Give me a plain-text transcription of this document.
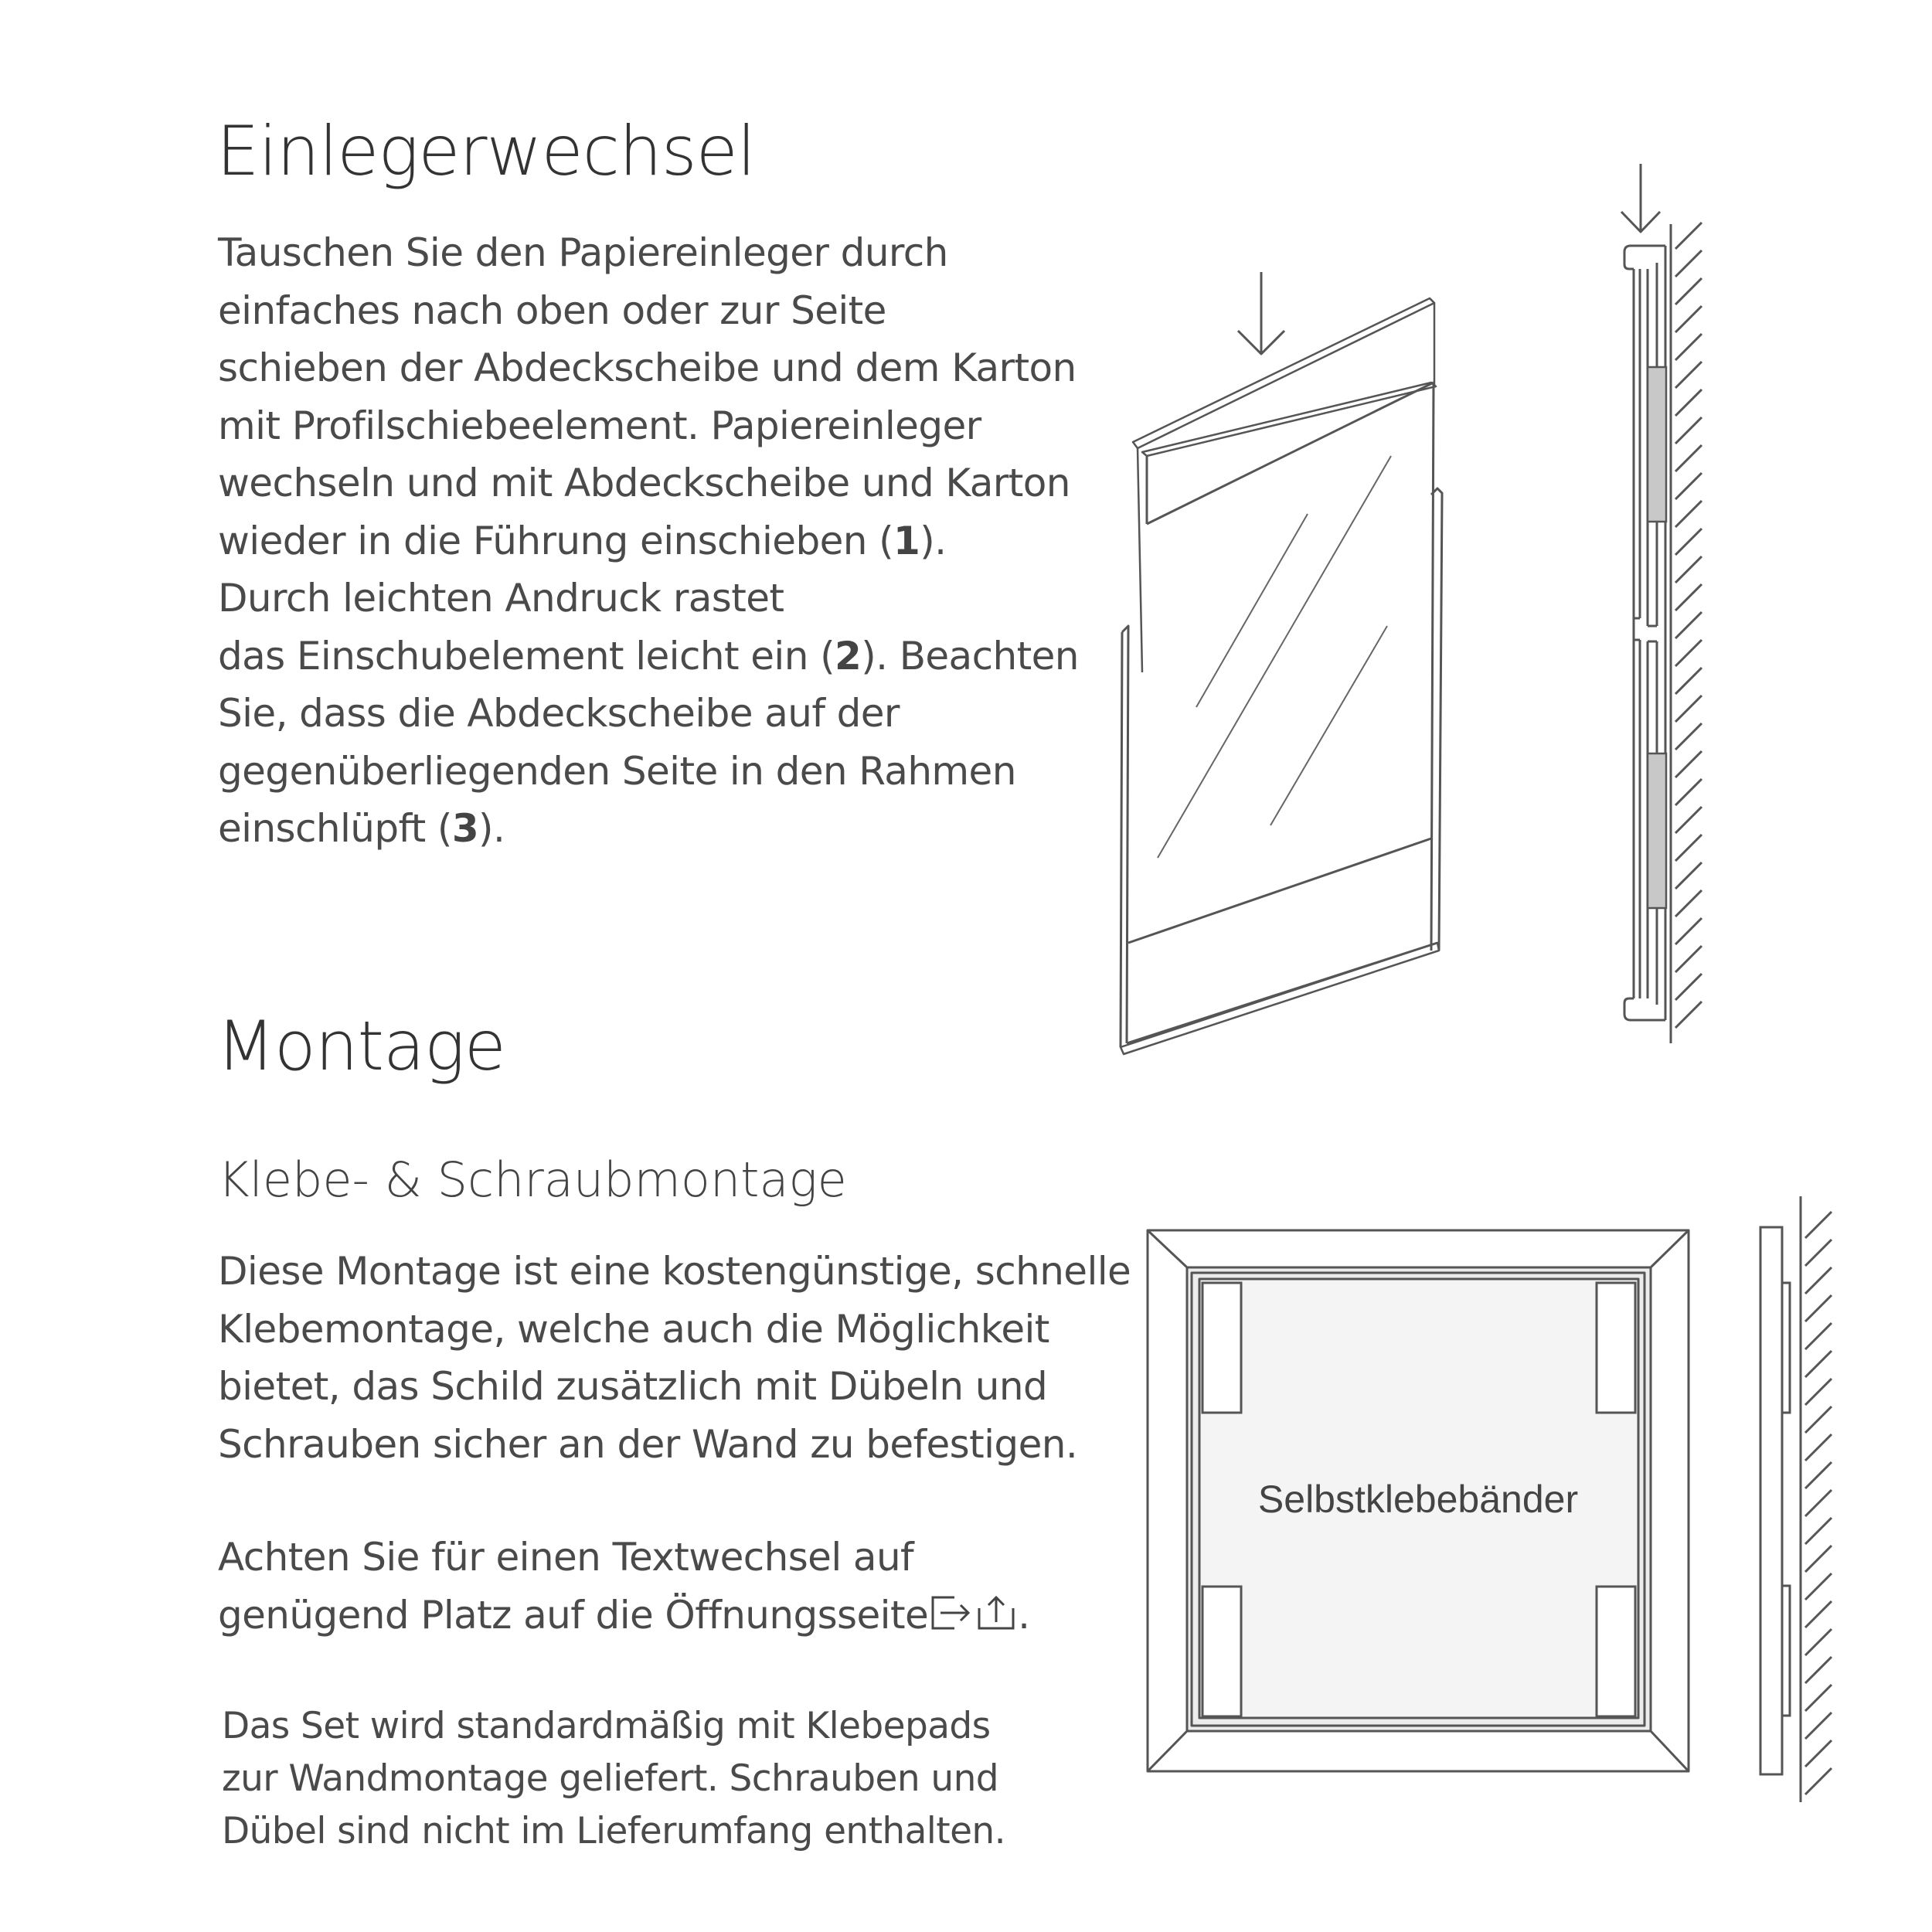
Einlegerwechsel
Tauschen Sie den Papiereinleger durch
einfaches nach oben oder zur Seite
schieben der Abdeckscheibe und dem Karton
mit Profilschiebeelement. Papiereinleger
wechseln und mit Abdeckscheibe und Karton
wieder in die Führung einschieben (1).
Durch leichten Andruck rastet
das Einschubelement leicht ein (2). Beachten
Sie, dass die Abdeckscheibe auf der
gegenüberliegenden Seite in den Rahmen
einschlüpft (3).
Montage
Klebe- & Schraubmontage
Diese Montage ist eine kostengünstige, schnelle
Klebemontage, welche auch die Möglichkeit
bietet, das Schild zusätzlich mit Dübeln und
Schrauben sicher an der Wand zu befestigen.
Achten Sie für einen Textwechsel auf
genügend Platz auf die Öffnungsseite .
Das Set wird standardmäßig mit Klebepads
zur Wandmontage geliefert. Schrauben und
Dübel sind nicht im Lieferumfang enthalten.
Selbstklebebänder
